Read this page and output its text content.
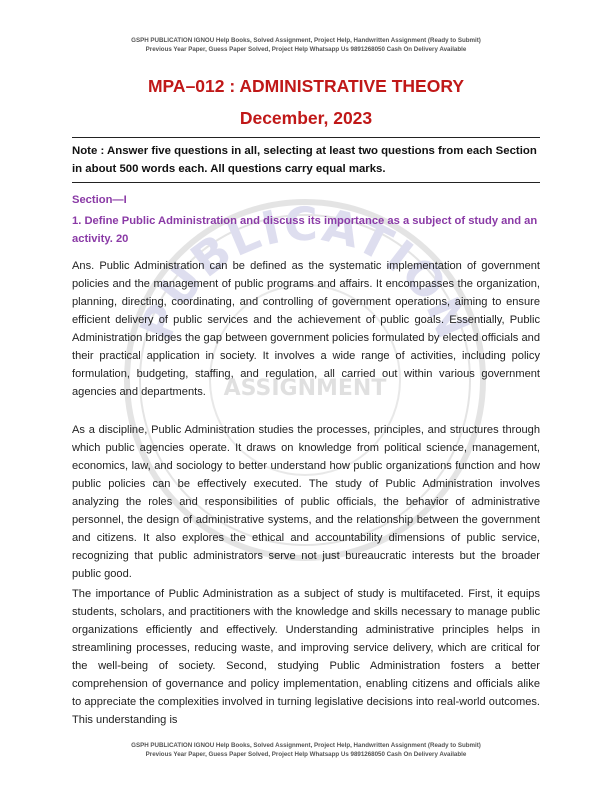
PUBLICATION
ASSIGNMENT
GSPH PUBLICATION IGNOU Help Books, Solved Assignment, Project Help, Handwritten Assignment (Ready to Submit)
Previous Year Paper, Guess Paper Solved, Project Help Whatsapp Us 9891268050 Cash On Delivery Available
MPA–012 : ADMINISTRATIVE THEORY
December, 2023
Note : Answer five questions in all, selecting at least two questions from each Section in about 500 words each. All questions carry equal marks.
Section—I
1. Define Public Administration and discuss its importance as a subject of study and an activity. 20
Ans. Public Administration can be defined as the systematic implementation of government policies and the management of public programs and affairs. It encompasses the organization, planning, directing, coordinating, and controlling of government operations, aiming to ensure efficient delivery of public services and the achievement of public goals. Essentially, Public Administration bridges the gap between government policies formulated by elected officials and their practical application in society. It involves a wide range of activities, including policy formulation, budgeting, staffing, and regulation, all carried out within various government agencies and departments.
As a discipline, Public Administration studies the processes, principles, and structures through which public agencies operate. It draws on knowledge from political science, management, economics, law, and sociology to better understand how public organizations function and how public policies can be effectively executed. The study of Public Administration involves analyzing the roles and responsibilities of public officials, the behavior of administrative personnel, the design of administrative systems, and the relationship between the government and citizens. It also explores the ethical and accountability dimensions of public service, recognizing that public administrators serve not just bureaucratic interests but the broader public good.
The importance of Public Administration as a subject of study is multifaceted. First, it equips students, scholars, and practitioners with the knowledge and skills necessary to manage public organizations efficiently and effectively. Understanding administrative principles helps in streamlining processes, reducing waste, and improving service delivery, which are critical for the well-being of society. Second, studying Public Administration fosters a better comprehension of governance and policy implementation, enabling citizens and officials alike to appreciate the complexities involved in turning legislative decisions into real-world outcomes. This understanding is
GSPH PUBLICATION IGNOU Help Books, Solved Assignment, Project Help, Handwritten Assignment (Ready to Submit)
Previous Year Paper, Guess Paper Solved, Project Help Whatsapp Us 9891268050 Cash On Delivery Available
